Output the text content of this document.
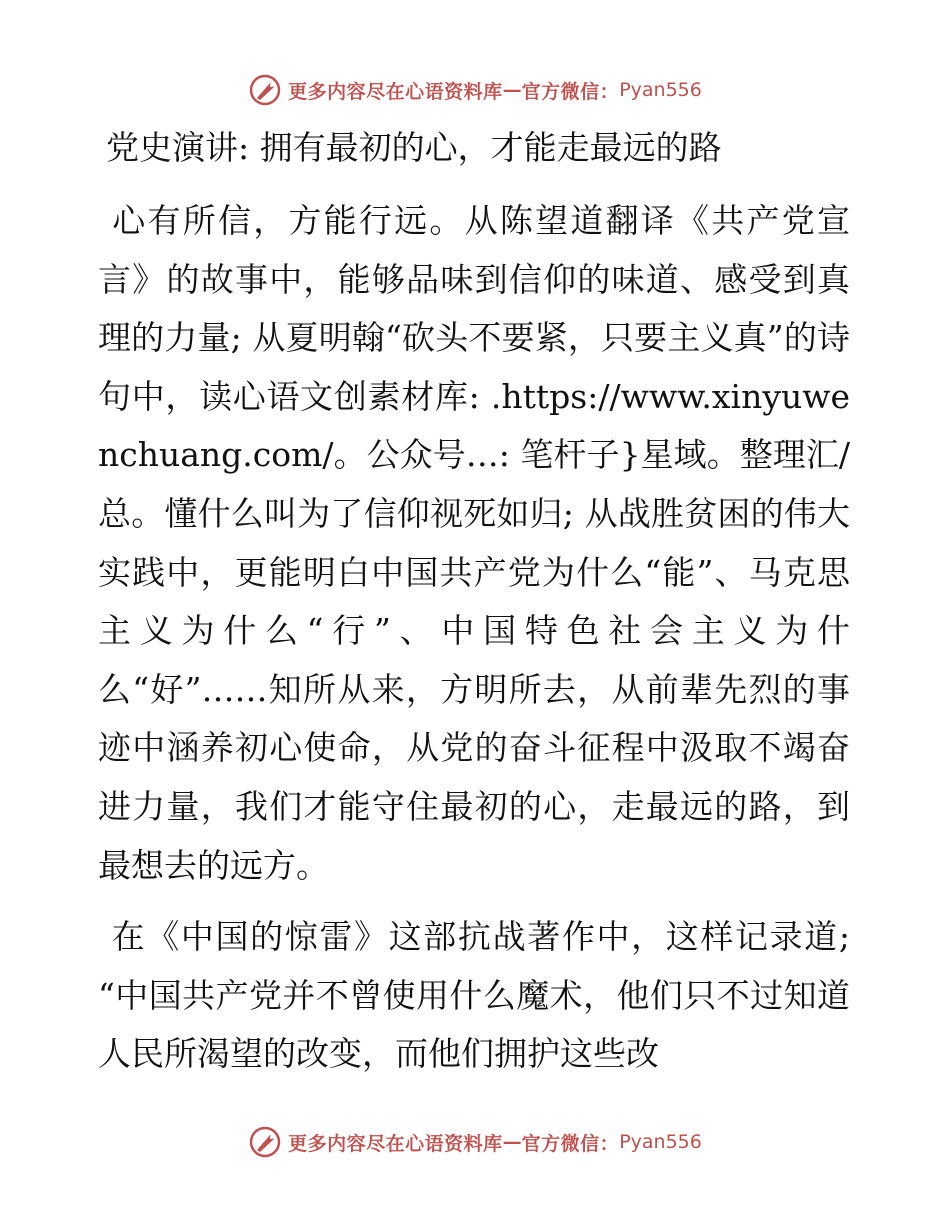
更多内容尽在心语资料库 — 官方微信： Pyan556
党史演讲: 拥有最初的心，才能走最远的路
心有所信，方能行远。从陈望道翻译《共产党宣言》的故事中，能够品味到信仰的味道、感受到真理的力量; 从夏明翰“砍头不要紧，只要主义真”的诗句中，读心语文创素材库: .https://www.xinyuwenchuang.com/。公众号…: 笔杆子}星域。整理汇/总。懂什么叫为了信仰视死如归; 从战胜贫困的伟大实践中，更能明白中国共产党为什么“能”、马克思主义为什么“行”、中国特色社会主义为什么“好”……知所从来，方明所去，从前辈先烈的事迹中涵养初心使命，从党的奋斗征程中汲取不竭奋进力量，我们才能守住最初的心，走最远的路，到最想去的远方。
在《中国的惊雷》这部抗战著作中，这样记录道; “中国共产党并不曾使用什么魔术，他们只不过知道人民所渴望的改变，而他们拥护这些改
更多内容尽在心语资料库 — 官方微信： Pyan556
